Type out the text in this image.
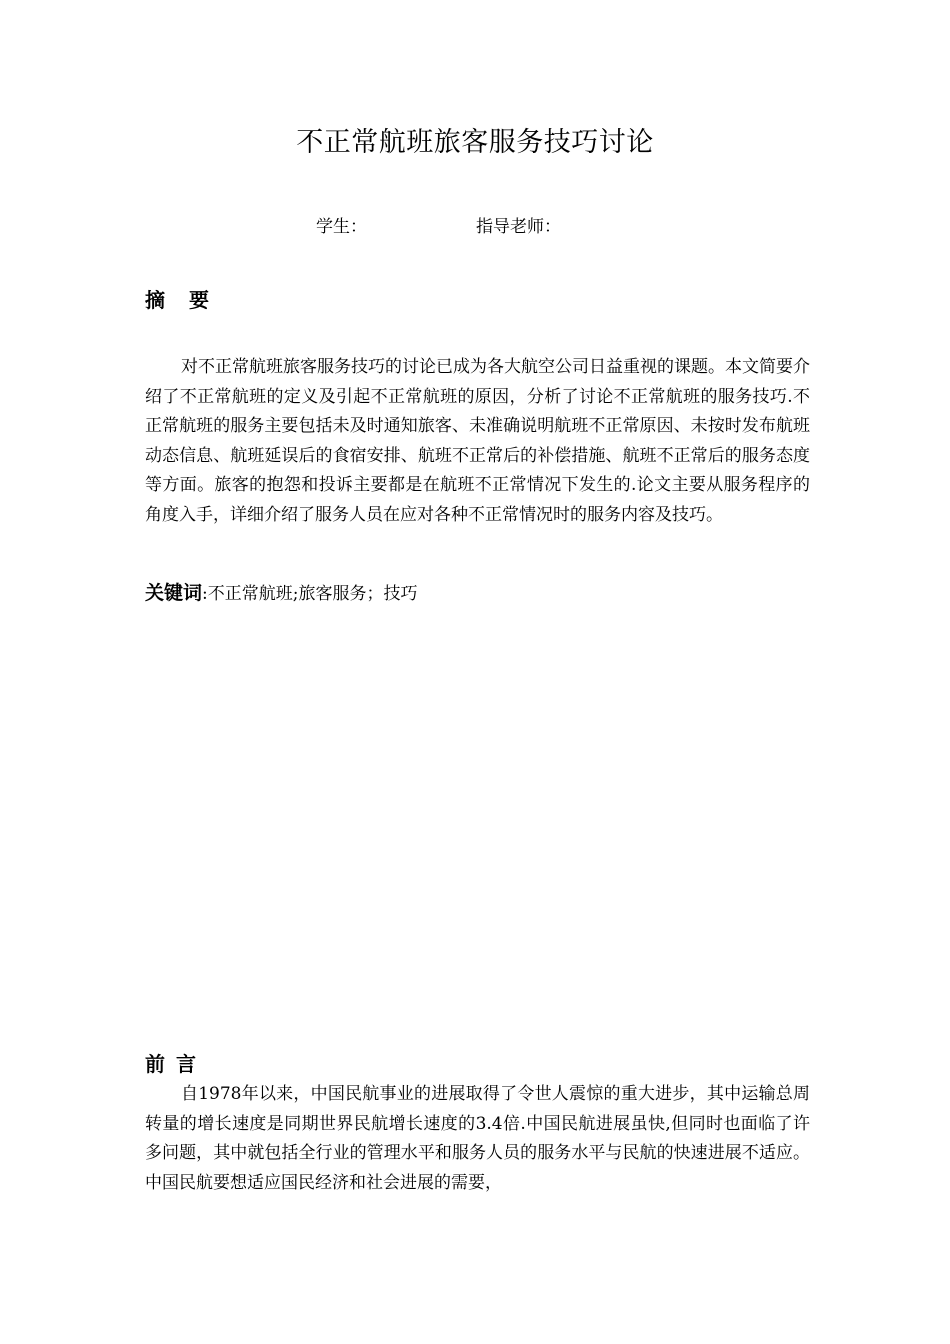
不正常航班旅客服务技巧讨论
学生：	指导老师：
摘　要
对不正常航班旅客服务技巧的讨论已成为各大航空公司日益重视的课题。本文简要介绍了不正常航班的定义及引起不正常航班的原因，分析了讨论不正常航班的服务技巧.不正常航班的服务主要包括未及时通知旅客、未准确说明航班不正常原因、未按时发布航班动态信息、航班延误后的食宿安排、航班不正常后的补偿措施、航班不正常后的服务态度等方面。旅客的抱怨和投诉主要都是在航班不正常情况下发生的.论文主要从服务程序的角度入手，详细介绍了服务人员在应对各种不正常情况时的服务内容及技巧。
关键词:不正常航班;旅客服务；技巧
前 言
自1978年以来，中国民航事业的进展取得了令世人震惊的重大进步，其中运输总周转量的增长速度是同期世界民航增长速度的3.4倍.中国民航进展虽快,但同时也面临了许多问题，其中就包括全行业的管理水平和服务人员的服务水平与民航的快速进展不适应。中国民航要想适应国民经济和社会进展的需要，
